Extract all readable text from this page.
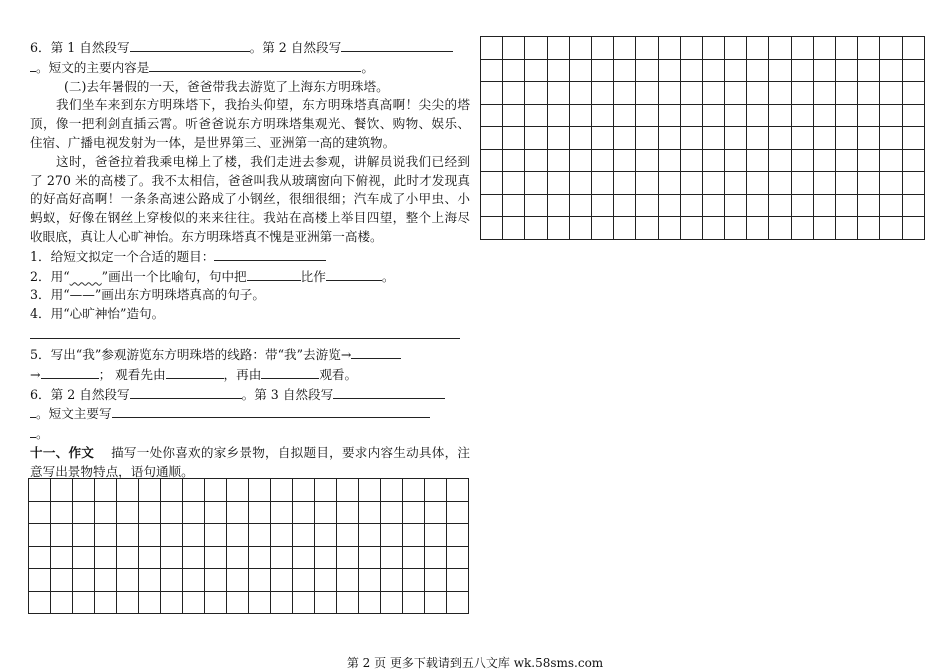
6．第 1 自然段写	。第 2 自然段写
。短文的主要内容是	。
(二)去年暑假的一天，爸爸带我去游览了上海东方明珠塔。
我们坐车来到东方明珠塔下，我抬头仰望，东方明珠塔真高啊！尖尖的塔顶，像一把利剑直插云霄。听爸爸说东方明珠塔集观光、餐饮、购物、娱乐、住宿、广播电视发射为一体，是世界第三、亚洲第一高的建筑物。
这时，爸爸拉着我乘电梯上了楼，我们走进去参观，讲解员说我们已经到了 270 米的高楼了。我不太相信，爸爸叫我从玻璃窗向下俯视，此时才发现真的好高好高啊！一条条高速公路成了小钢丝，很细很细；汽车成了小甲虫、小蚂蚁，好像在钢丝上穿梭似的来来往往。我站在高楼上举目四望，整个上海尽收眼底，真让人心旷神怡。东方明珠塔真不愧是亚洲第一高楼。
1．给短文拟定一个合适的题目：
2．用“	”画出一个比喻句，句中把	比作	。
3．用“——”画出东方明珠塔真高的句子。
4．用“心旷神怡”造句。
5．写出“我”参观游览东方明珠塔的线路：带“我”去游览→
→	； 观看先由	，再由	观看。
6．第 2 自然段写	。第 3 自然段写
。短文主要写
。
十一、作文 描写一处你喜欢的家乡景物，自拟题目，要求内容生动具体，注意写出景物特点，语句通顺。

第 2 页 更多下载请到五八文库 wk.58sms.com
